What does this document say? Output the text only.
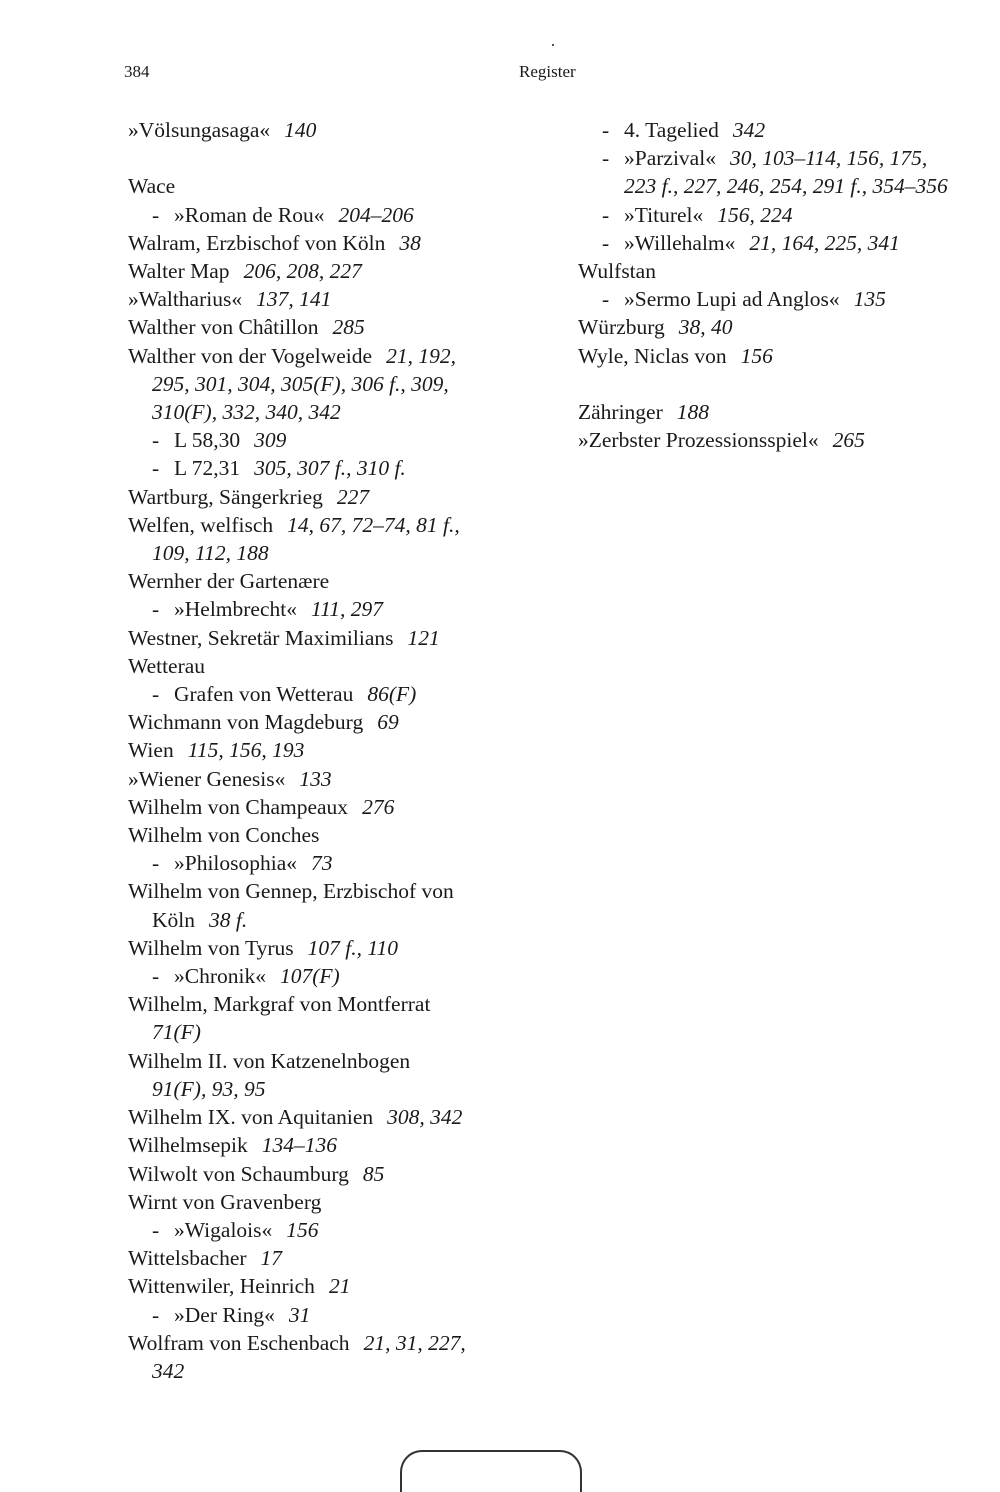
384	Register
»Völsungasaga« 140
Wace
- »Roman de Rou« 204–206
Walram, Erzbischof von Köln 38
Walter Map 206, 208, 227
»Waltharius« 137, 141
Walther von Châtillon 285
Walther von der Vogelweide 21, 192,
295, 301, 304, 305(F), 306 f., 309,
310(F), 332, 340, 342
- L 58,30 309
- L 72,31 305, 307 f., 310 f.
Wartburg, Sängerkrieg 227
Welfen, welfisch 14, 67, 72–74, 81 f.,
109, 112, 188
Wernher der Gartenære
- »Helmbrecht« 111, 297
Westner, Sekretär Maximilians 121
Wetterau
- Grafen von Wetterau 86(F)
Wichmann von Magdeburg 69
Wien 115, 156, 193
»Wiener Genesis« 133
Wilhelm von Champeaux 276
Wilhelm von Conches
- »Philosophia« 73
Wilhelm von Gennep, Erzbischof von
Köln 38 f.
Wilhelm von Tyrus 107 f., 110
- »Chronik« 107(F)
Wilhelm, Markgraf von Montferrat
71(F)
Wilhelm II. von Katzenelnbogen
91(F), 93, 95
Wilhelm IX. von Aquitanien 308, 342
Wilhelmsepik 134–136
Wilwolt von Schaumburg 85
Wirnt von Gravenberg
- »Wigalois« 156
Wittelsbacher 17
Wittenwiler, Heinrich 21
- »Der Ring« 31
Wolfram von Eschenbach 21, 31, 227,
342
- 4. Tagelied 342
- »Parzival« 30, 103–114, 156, 175,
223 f., 227, 246, 254, 291 f., 354–356
- »Titurel« 156, 224
- »Willehalm« 21, 164, 225, 341
Wulfstan
- »Sermo Lupi ad Anglos« 135
Würzburg 38, 40
Wyle, Niclas von 156
Zähringer 188
»Zerbster Prozessionsspiel« 265
